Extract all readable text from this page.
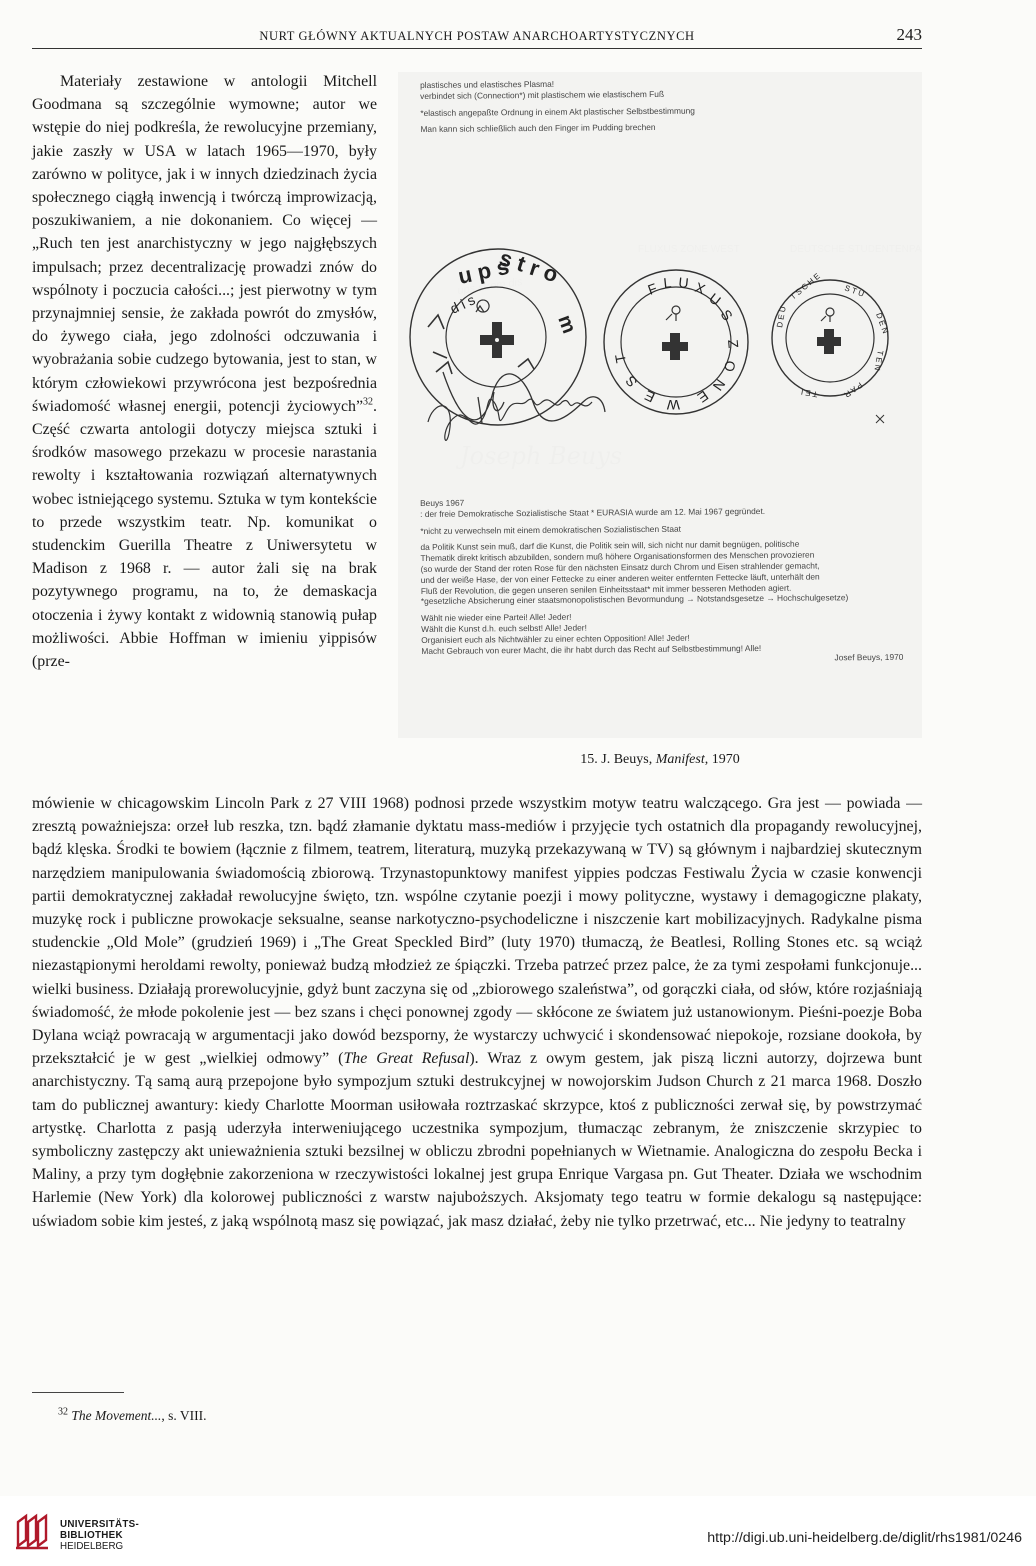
NURT GŁÓWNY AKTUALNYCH POSTAW ANARCHOARTYSTYCZNYCH	243

Materiały zestawione w antologii Mitchell Goodmana są szczególnie wymowne; autor we wstępie do niej podkreśla, że rewolucyjne przemiany, jakie zaszły w USA w latach 1965—1970, były zarówno w polityce, jak i w innych dziedzinach życia społecznego ciągłą inwencją i twórczą improwizacją, poszukiwaniem, a nie dokonaniem. Co więcej — „Ruch ten jest anarchistyczny w jego najgłębszych impulsach; przez decentralizację prowadzi znów do wspólnoty i poczucia całości...; jest pierwotny w tym przynajmniej sensie, że zakłada powrót do zmysłów, do żywego ciała, jego zdolności odczuwania i wyobrażania sobie cudzego bytowania, jest to stan, w którym człowiekowi przywrócona jest bezpośrednia świadomość własnej energii, potencji życiowych”$^{32}$. Część czwarta antologii dotyczy miejsca sztuki i środków masowego przekazu w procesie narastania rewolty i kształtowania rozwiązań alternatywnych wobec istniejącego systemu. Sztuka w tym kontekście to przede wszystkim teatr. Np. komunikat o studenckim Guerilla Theatre z Uniwersytetu w Madison z 1968 r. — autor żali się na brak pozytywnego programu, na to, że demaskacja otoczenia i żywy kontakt z widownią stanowią pułap możliwości. Abbie Hoffman w imieniu yippisów (prze-

plastisches und elastisches Plasma!
verbindet sich (Connection*) mit plastischem wie elastischem Fuß
*elastisch angepaßte Ordnung in einem Akt plastischer Selbstbestimmung
Man kann sich schließlich auch den Finger im Pudding brechen
u p s
s t r o
m
d i s
F L U X
U
S
Z
O
N
E
W
E
S
T
D E U
T S C H E	S T U
D E N
T E N
P A R
T E I
Beuys 1967
: der freie Demokratische Sozialistische Staat * EURASIA wurde am 12. Mai 1967 gegründet.
*nicht zu verwechseln mit einem demokratischen Sozialistischen Staat
da Politik Kunst sein muß, darf die Kunst, die Politik sein will, sich nicht nur damit begnügen, politische
Thematik direkt kritisch abzubilden, sondern muß höhere Organisationsformen des Menschen provozieren
(so wurde der Stand der roten Rose für den nächsten Einsatz durch Chrom und Eisen strahlender gemacht,
und der weiße Hase, der von einer Fettecke zu einer anderen weiter entfernten Fettecke läuft, unterhält den
Fluß der Revolution, die gegen unseren senilen Einheitsstaat* mit immer besseren Methoden agiert.
*gesetzliche Absicherung einer staatsmonopolistischen Bevormundung → Notstandsgesetze → Hochschulgesetze)
Wählt nie wieder eine Partei! Alle! Jeder!
Wählt die Kunst d.h. euch selbst! Alle! Jeder!
Organisiert euch als Nichtwähler zu einer echten Opposition! Alle! Jeder!
Macht Gebrauch von eurer Macht, die ihr habt durch das Recht auf Selbstbestimmung! Alle!
Josef Beuys, 1970
15. J. Beuys, Manifest, 1970

mówienie w chicagowskim Lincoln Park z 27 VIII 1968) podnosi przede wszystkim motyw teatru walczącego. Gra jest — powiada — zresztą poważniejsza: orzeł lub reszka, tzn. bądź złamanie dyktatu mass-mediów i przyjęcie tych ostatnich dla propagandy rewolucyjnej, bądź klęska. Środki te bowiem (łącznie z filmem, teatrem, literaturą, muzyką przekazywaną w TV) są głównym i najbardziej skutecznym narzędziem manipulowania świadomością zbiorową. Trzynastopunktowy manifest yippies podczas Festiwalu Życia w czasie konwencji partii demokratycznej zakładał rewolucyjne święto, tzn. wspólne czytanie poezji i mowy polityczne, wystawy i demagogiczne plakaty, muzykę rock i publiczne prowokacje seksualne, seanse narkotyczno-psychodeliczne i niszczenie kart mobilizacyjnych. Radykalne pisma studenckie „Old Mole” (grudzień 1969) i „The Great Speckled Bird” (luty 1970) tłumaczą, że Beatlesi, Rolling Stones etc. są wciąż niezastąpionymi heroldami rewolty, ponieważ budzą młodzież ze śpiączki. Trzeba patrzeć przez palce, że za tymi zespołami funkcjonuje... wielki business. Działają prorewolucyjnie, gdyż bunt zaczyna się od „zbiorowego szaleństwa”, od gorączki ciała, od słów, które rozjaśniają świadomość, że młode pokolenie jest — bez szans i chęci ponownej zgody — skłócone ze światem już ustanowionym. Pieśni-poezje Boba Dylana wciąż powracają w argumentacji jako dowód bezsporny, że wystarczy uchwycić i skondensować niepokoje, rozsiane dookoła, by przekształcić je w gest „wielkiej odmowy” (The Great Refusal). Wraz z owym gestem, jak piszą liczni autorzy, dojrzewa bunt anarchistyczny. Tą samą aurą przepojone było sympozjum sztuki destrukcyjnej w nowojorskim Judson Church z 21 marca 1968. Doszło tam do publicznej awantury: kiedy Charlotte Moorman usiłowała roztrzaskać skrzypce, ktoś z publiczności zerwał się, by powstrzymać artystkę. Charlotta z pasją uderzyła interweniującego uczestnika sympozjum, tłumacząc zebranym, że zniszczenie skrzypiec to symboliczny zastępczy akt unieważnienia sztuki bezsilnej w obliczu zbrodni popełnianych w Wietnamie. Analogiczna do zespołu Becka i Maliny, a przy tym dogłębnie zakorzeniona w rzeczywistości lokalnej jest grupa Enrique Vargasa pn. Gut Theater. Działa we wschodnim Harlemie (New York) dla kolorowej publiczności z warstw najuboższych. Aksjomaty tego teatru w formie dekalogu są następujące: uświadom sobie kim jesteś, z jaką wspólnotą masz się powiązać, jak masz działać, żeby nie tylko przetrwać, etc... Nie jedyny to teatralny

$^{32}$ The Movement..., s. VIII.
UNIVERSITÄTS-
BIBLIOTHEK
HEIDELBERG
http://digi.ub.uni-heidelberg.de/diglit/rhs1981/0246
